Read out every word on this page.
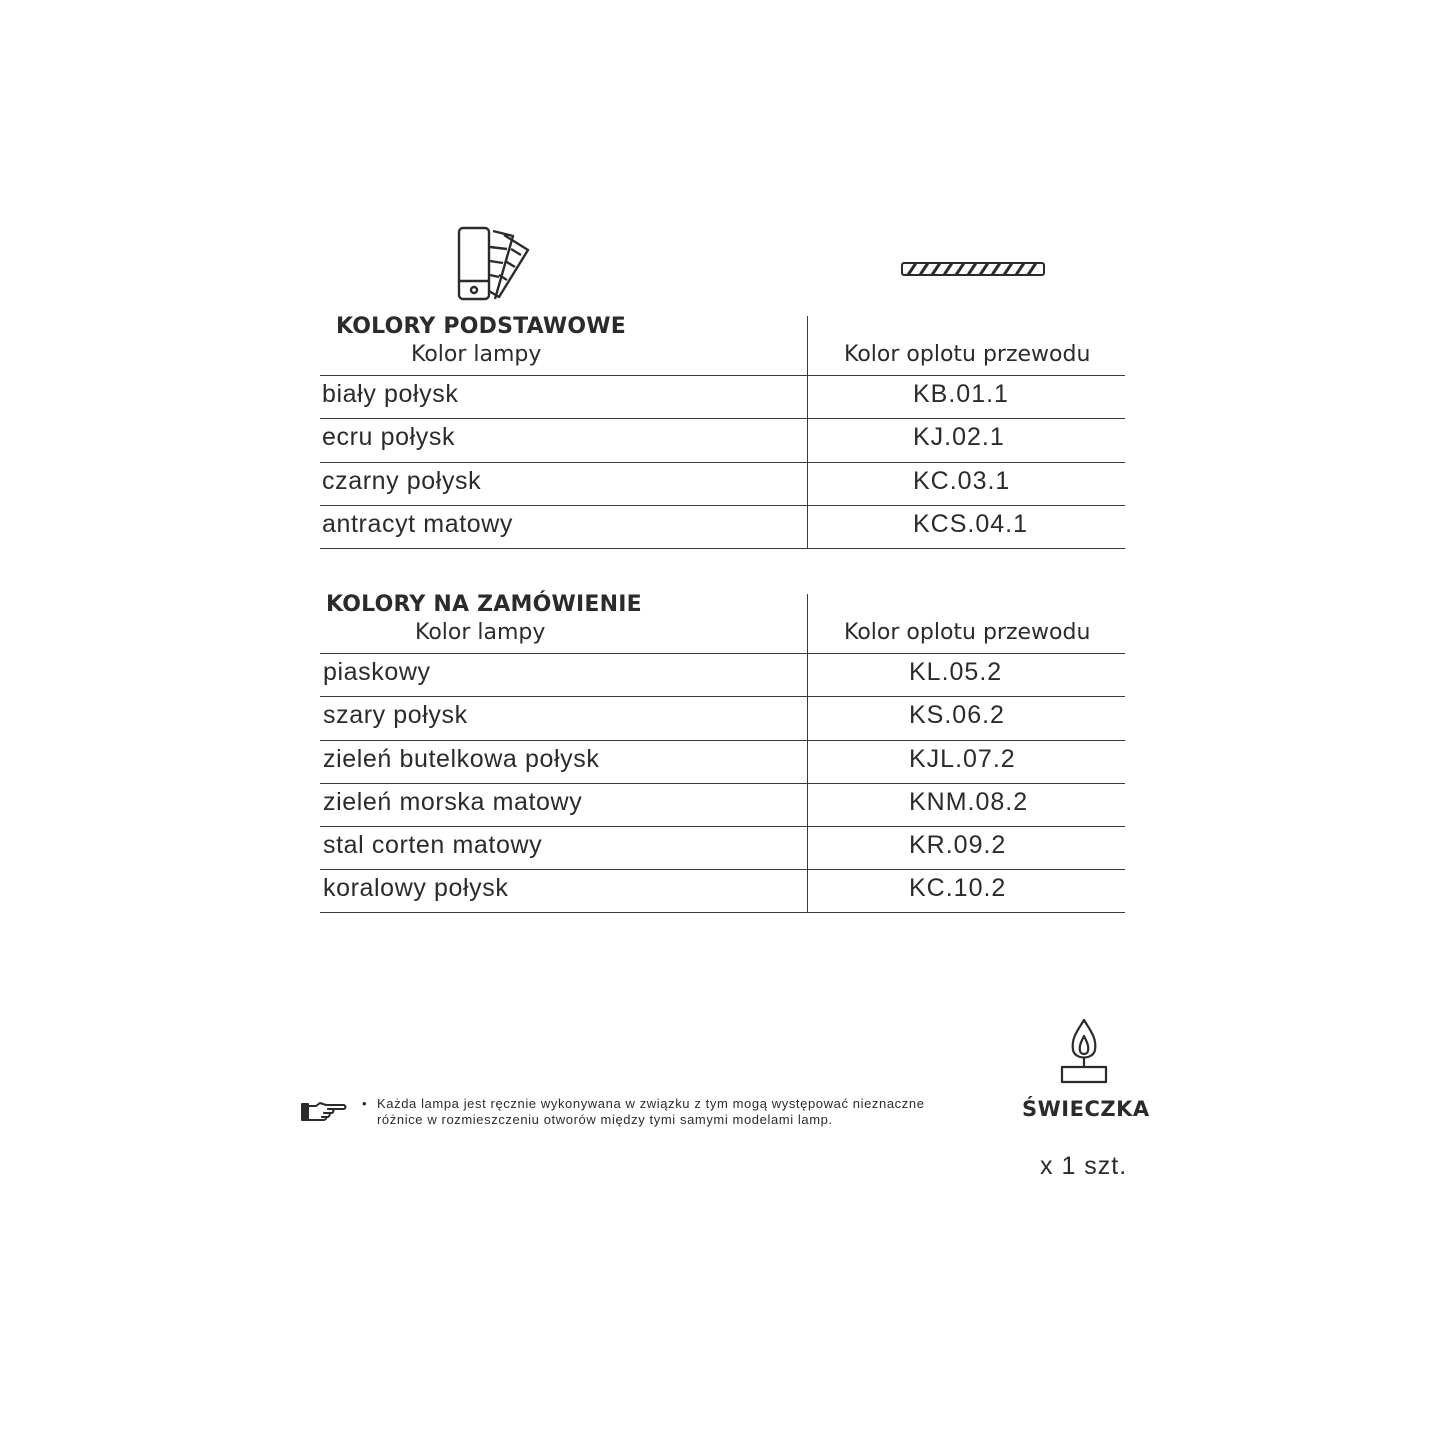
KOLORY PODSTAWOWE
Kolor lampy	Kolor oplotu przewodu
biały połysk	KB.01.1
ecru połysk	KJ.02.1
czarny połysk	KC.03.1
antracyt matowy	KCS.04.1
KOLORY NA ZAMÓWIENIE
Kolor lampy	Kolor oplotu przewodu
piaskowy	KL.05.2
szary połysk	KS.06.2
zieleń butelkowa połysk	KJL.07.2
zieleń morska matowy	KNM.08.2
stal corten matowy	KR.09.2
koralowy połysk	KC.10.2
• Każda lampa jest ręcznie wykonywana w związku z tym mogą występować nieznaczne
różnice w rozmieszczeniu otworów między tymi samymi modelami lamp.	ŚWIECZKA
x 1 szt.
